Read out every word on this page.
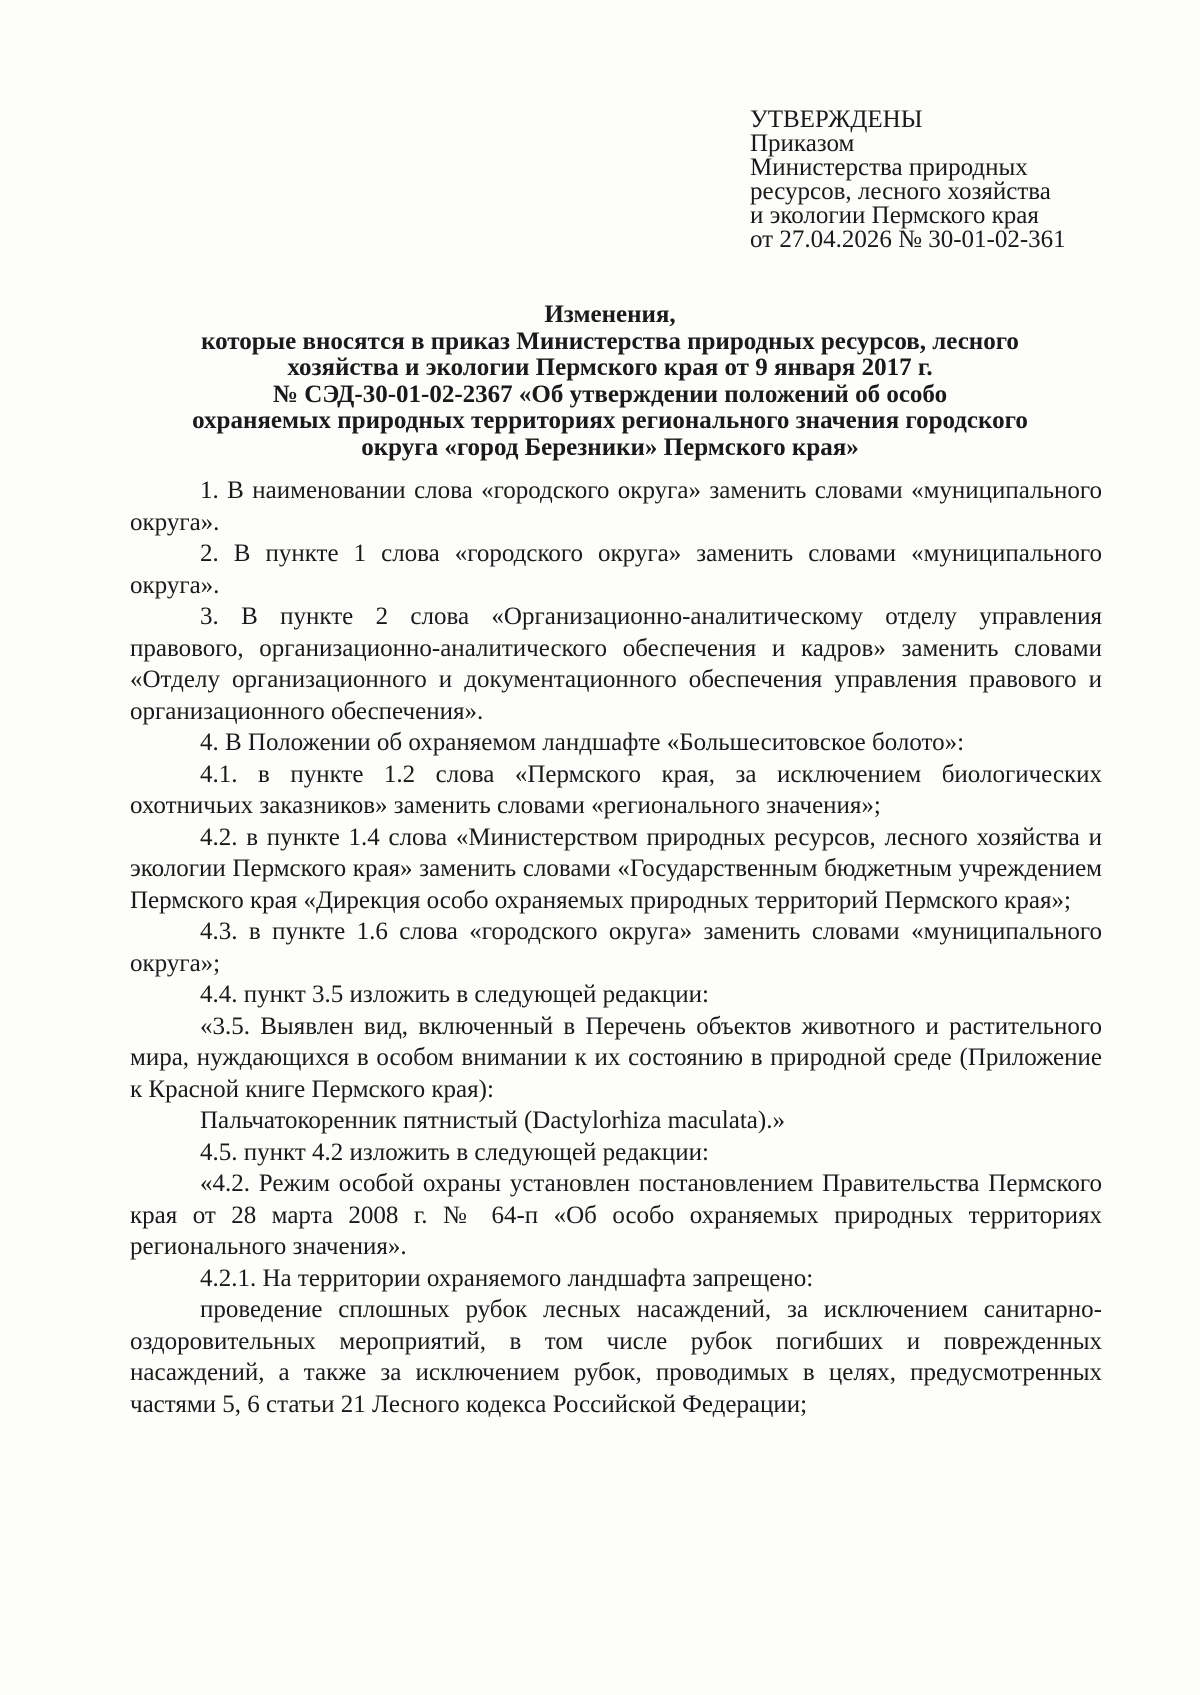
УТВЕРЖДЕНЫ
Приказом
Министерства природных
ресурсов, лесного хозяйства
и экологии Пермского края
от 27.04.2026 № 30-01-02-361
Изменения,
которые вносятся в приказ Министерства природных ресурсов, лесного
хозяйства и экологии Пермского края от 9 января 2017 г.
№ СЭД-30-01-02-2367 «Об утверждении положений об особо
охраняемых природных территориях регионального значения городского
округа «город Березники» Пермского края»

1. В наименовании слова «городского округа» заменить словами «муниципального округа».

2. В пункте 1 слова «городского округа» заменить словами «муниципального округа».

3. В пункте 2 слова «Организационно-аналитическому отделу управления правового, организационно-аналитического обеспечения и кадров» заменить словами «Отделу организационного и документационного обеспечения управления правового и организационного обеспечения».

4. В Положении об охраняемом ландшафте «Большеситовское болото»:

4.1. в пункте 1.2 слова «Пермского края, за исключением биологических охотничьих заказников» заменить словами «регионального значения»;

4.2. в пункте 1.4 слова «Министерством природных ресурсов, лесного хозяйства и экологии Пермского края» заменить словами «Государственным бюджетным учреждением Пермского края «Дирекция особо охраняемых природных территорий Пермского края»;

4.3. в пункте 1.6 слова «городского округа» заменить словами «муниципального округа»;

4.4. пункт 3.5 изложить в следующей редакции:

«3.5. Выявлен вид, включенный в Перечень объектов животного и растительного мира, нуждающихся в особом внимании к их состоянию в природной среде (Приложение к Красной книге Пермского края):

Пальчатокоренник пятнистый (Dactylorhiza maculata).»

4.5. пункт 4.2 изложить в следующей редакции:

«4.2. Режим особой охраны установлен постановлением Правительства Пермского края от 28 марта 2008 г. № 64-п «Об особо охраняемых природных территориях регионального значения».

4.2.1. На территории охраняемого ландшафта запрещено:

проведение сплошных рубок лесных насаждений, за исключением санитарно-оздоровительных мероприятий, в том числе рубок погибших и поврежденных насаждений, а также за исключением рубок, проводимых в целях, предусмотренных частями 5, 6 статьи 21 Лесного кодекса Российской Федерации;
